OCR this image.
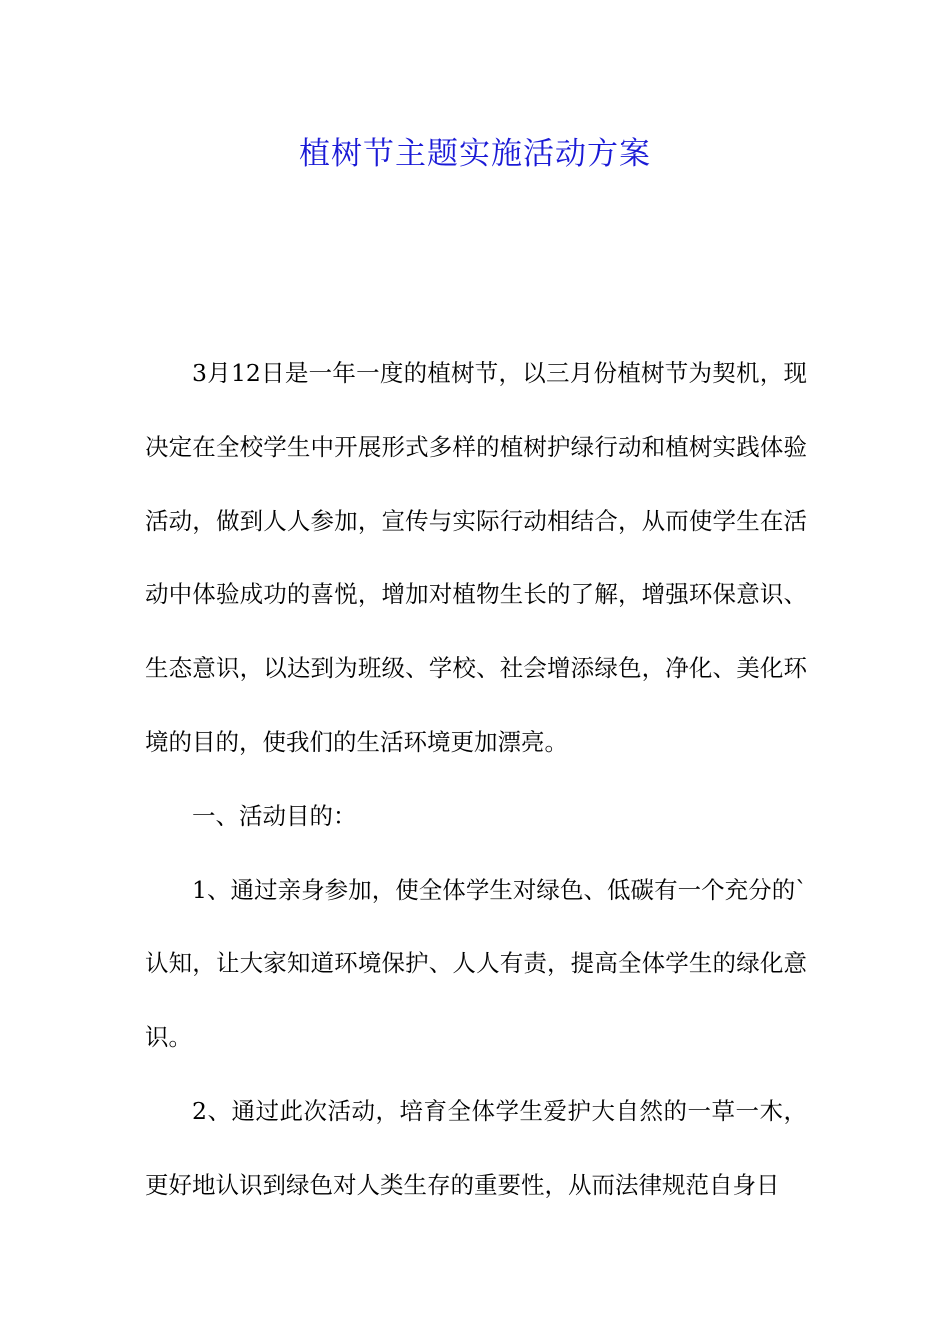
植树节主题实施活动方案

3月12日是一年一度的植树节，以三月份植树节为契机，现决定在全校学生中开展形式多样的植树护绿行动和植树实践体验活动，做到人人参加，宣传与实际行动相结合，从而使学生在活动中体验成功的喜悦，增加对植物生长的了解，增强环保意识、生态意识，以达到为班级、学校、社会增添绿色，净化、美化环境的目的，使我们的生活环境更加漂亮。

一、活动目的：

1、通过亲身参加，使全体学生对绿色、低碳有一个充分的`认知，让大家知道环境保护、人人有责，提高全体学生的绿化意识。

2、通过此次活动，培育全体学生爱护大自然的一草一木，更好地认识到绿色对人类生存的重要性，从而法律规范自身日
